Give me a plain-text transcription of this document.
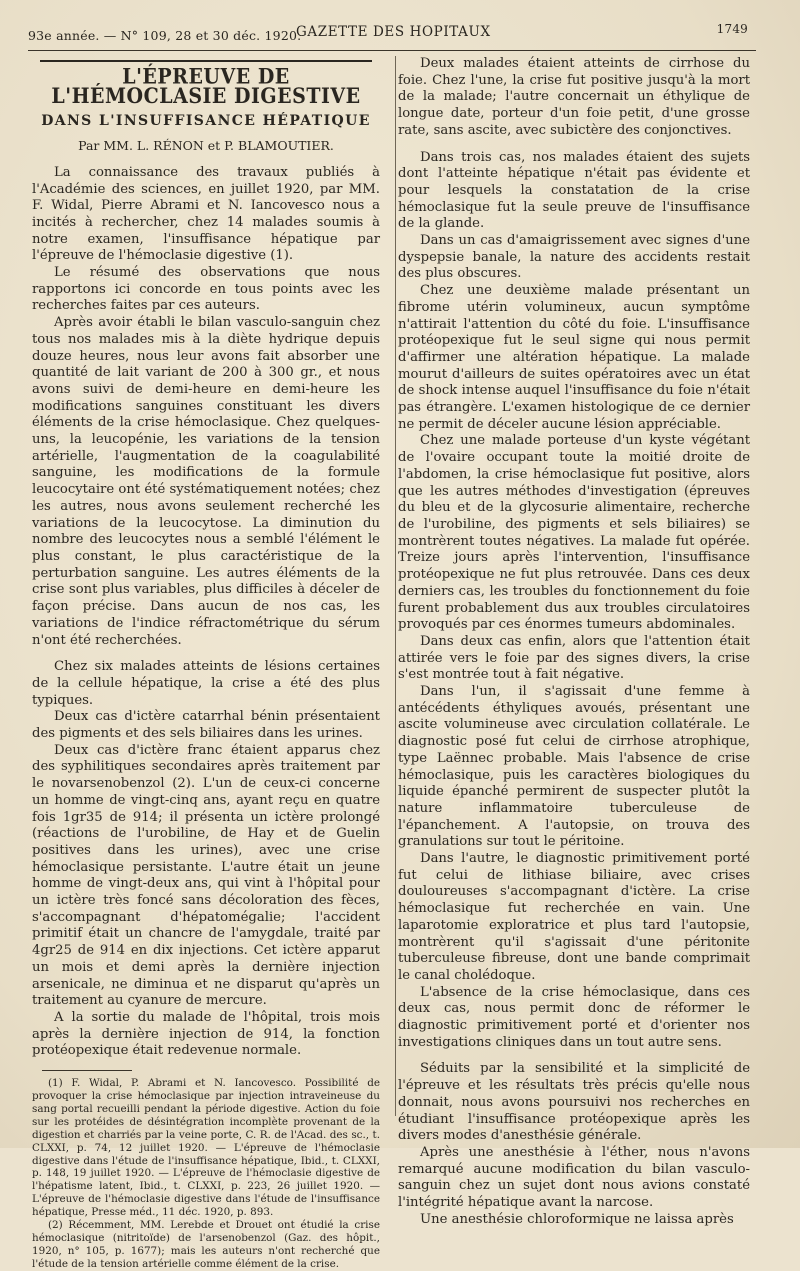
93e année. — N° 109, 28 et 30 déc. 1920.
GAZETTE DES HOPITAUX	1749
L'ÉPREUVE DE L'HÉMOCLASIE DIGESTIVE
DANS L'INSUFFISANCE HÉPATIQUE
Par MM. L. RÉNON et P. BLAMOUTIER.

La connaissance des travaux publiés à l'Académie des sciences, en juillet 1920, par MM. F. Widal, Pierre Abrami et N. Iancovesco nous a incités à rechercher, chez 14 malades soumis à notre examen, l'insuffisance hépatique par l'épreuve de l'hémoclasie digestive (1).

Le résumé des observations que nous rapportons ici concorde en tous points avec les recherches faites par ces auteurs.

Après avoir établi le bilan vasculo-sanguin chez tous nos malades mis à la diète hydrique depuis douze heures, nous leur avons fait absorber une quantité de lait variant de 200 à 300 gr., et nous avons suivi de demi-heure en demi-heure les modifications sanguines constituant les divers éléments de la crise hémoclasique. Chez quelques-uns, la leucopénie, les variations de la tension artérielle, l'augmentation de la coagulabilité sanguine, les modifications de la formule leucocytaire ont été systématiquement notées; chez les autres, nous avons seulement recherché les variations de la leucocytose. La diminution du nombre des leucocytes nous a semblé l'élément le plus constant, le plus caractéristique de la perturbation sanguine. Les autres éléments de la crise sont plus variables, plus difficiles à déceler de façon précise. Dans aucun de nos cas, les variations de l'indice réfractométrique du sérum n'ont été recherchées.

Chez six malades atteints de lésions certaines de la cellule hépatique, la crise a été des plus typiques.

Deux cas d'ictère catarrhal bénin présentaient des pigments et des sels biliaires dans les urines.

Deux cas d'ictère franc étaient apparus chez des syphilitiques secondaires après traitement par le novarsenobenzol (2). L'un de ceux-ci concerne un homme de vingt-cinq ans, ayant reçu en quatre fois 1gr35 de 914; il présenta un ictère prolongé (réactions de l'urobiline, de Hay et de Guelin positives dans les urines), avec une crise hémoclasique persistante. L'autre était un jeune homme de vingt-deux ans, qui vint à l'hôpital pour un ictère très foncé sans décoloration des fèces, s'accompagnant d'hépatomégalie; l'accident primitif était un chancre de l'amygdale, traité par 4gr25 de 914 en dix injections. Cet ictère apparut un mois et demi après la dernière injection arsenicale, ne diminua et ne disparut qu'après un traitement au cyanure de mercure.

A la sortie du malade de l'hôpital, trois mois après la dernière injection de 914, la fonction protéopexique était redevenue normale.

(1) F. Widal, P. Abrami et N. Iancovesco. Possibilité de provoquer la crise hémoclasique par injection intraveineuse du sang portal recueilli pendant la période digestive. Action du foie sur les protéides de désintégration incomplète provenant de la digestion et charriés par la veine porte, C. R. de l'Acad. des sc., t. CLXXI, p. 74, 12 juillet 1920. — L'épreuve de l'hémoclasie digestive dans l'étude de l'insuffisance hépatique, Ibid., t. CLXXI, p. 148, 19 juillet 1920. — L'épreuve de l'hémoclasie digestive de l'hépatisme latent, Ibid., t. CLXXI, p. 223, 26 juillet 1920. — L'épreuve de l'hémoclasie digestive dans l'étude de l'insuffisance hépatique, Presse méd., 11 déc. 1920, p. 893.

(2) Récemment, MM. Lerebde et Drouet ont étudié la crise hémoclasique (nitritoïde) de l'arsenobenzol (Gaz. des hôpit., 1920, n° 105, p. 1677); mais les auteurs n'ont recherché que l'étude de la tension artérielle comme élément de la crise.

Deux malades étaient atteints de cirrhose du foie. Chez l'une, la crise fut positive jusqu'à la mort de la malade; l'autre concernait un éthylique de longue date, porteur d'un foie petit, d'une grosse rate, sans ascite, avec subictère des conjonctives.

Dans trois cas, nos malades étaient des sujets dont l'atteinte hépatique n'était pas évidente et pour lesquels la constatation de la crise hémoclasique fut la seule preuve de l'insuffisance de la glande.

Dans un cas d'amaigrissement avec signes d'une dyspepsie banale, la nature des accidents restait des plus obscures.

Chez une deuxième malade présentant un fibrome utérin volumineux, aucun symptôme n'attirait l'attention du côté du foie. L'insuffisance protéopexique fut le seul signe qui nous permit d'affirmer une altération hépatique. La malade mourut d'ailleurs de suites opératoires avec un état de shock intense auquel l'insuffisance du foie n'était pas étrangère. L'examen histologique de ce dernier ne permit de déceler aucune lésion appréciable.

Chez une malade porteuse d'un kyste végétant de l'ovaire occupant toute la moitié droite de l'abdomen, la crise hémoclasique fut positive, alors que les autres méthodes d'investigation (épreuves du bleu et de la glycosurie alimentaire, recherche de l'urobiline, des pigments et sels biliaires) se montrèrent toutes négatives. La malade fut opérée. Treize jours après l'intervention, l'insuffisance protéopexique ne fut plus retrouvée. Dans ces deux derniers cas, les troubles du fonctionnement du foie furent probablement dus aux troubles circulatoires provoqués par ces énormes tumeurs abdominales.

Dans deux cas enfin, alors que l'attention était attirée vers le foie par des signes divers, la crise s'est montrée tout à fait négative.

Dans l'un, il s'agissait d'une femme à antécédents éthyliques avoués, présentant une ascite volumineuse avec circulation collatérale. Le diagnostic posé fut celui de cirrhose atrophique, type Laënnec probable. Mais l'absence de crise hémoclasique, puis les caractères biologiques du liquide épanché permirent de suspecter plutôt la nature inflammatoire tuberculeuse de l'épanchement. A l'autopsie, on trouva des granulations sur tout le péritoine.

Dans l'autre, le diagnostic primitivement porté fut celui de lithiase biliaire, avec crises douloureuses s'accompagnant d'ictère. La crise hémoclasique fut recherchée en vain. Une laparotomie exploratrice et plus tard l'autopsie, montrèrent qu'il s'agissait d'une péritonite tuberculeuse fibreuse, dont une bande comprimait le canal cholédoque.

L'absence de la crise hémoclasique, dans ces deux cas, nous permit donc de réformer le diagnostic primitivement porté et d'orienter nos investigations cliniques dans un tout autre sens.

Séduits par la sensibilité et la simplicité de l'épreuve et les résultats très précis qu'elle nous donnait, nous avons poursuivi nos recherches en étudiant l'insuffisance protéopexique après les divers modes d'anesthésie générale.

Après une anesthésie à l'éther, nous n'avons remarqué aucune modification du bilan vasculo-sanguin chez un sujet dont nous avions constaté l'intégrité hépatique avant la narcose.

Une anesthésie chloroformique ne laissa après
